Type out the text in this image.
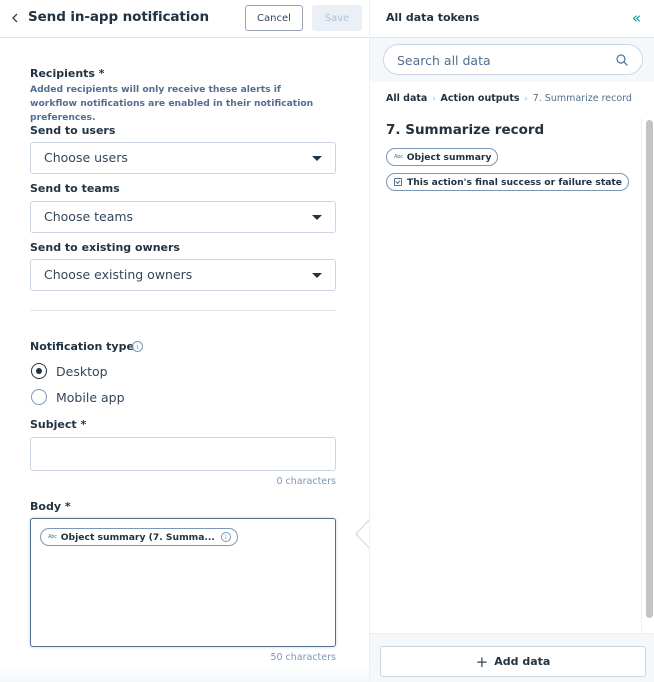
Send in-app notification	Cancel	Save
Recipients *
Added recipients will only receive these alerts if workflow notifications are enabled in their notification preferences.
Send to users
Choose users
Send to teams
Choose teams
Send to existing owners
Choose existing owners
Notification type i
Desktop
Mobile app
Subject *
0 characters
Body *
Abc Object summary (7. Summa...	i
50 characters
All data tokens	«
Search all data
All data › Action outputs › 7. Summarize record
7. Summarize record
Abc Object summary
This action's final success or failure state
+ Add data
